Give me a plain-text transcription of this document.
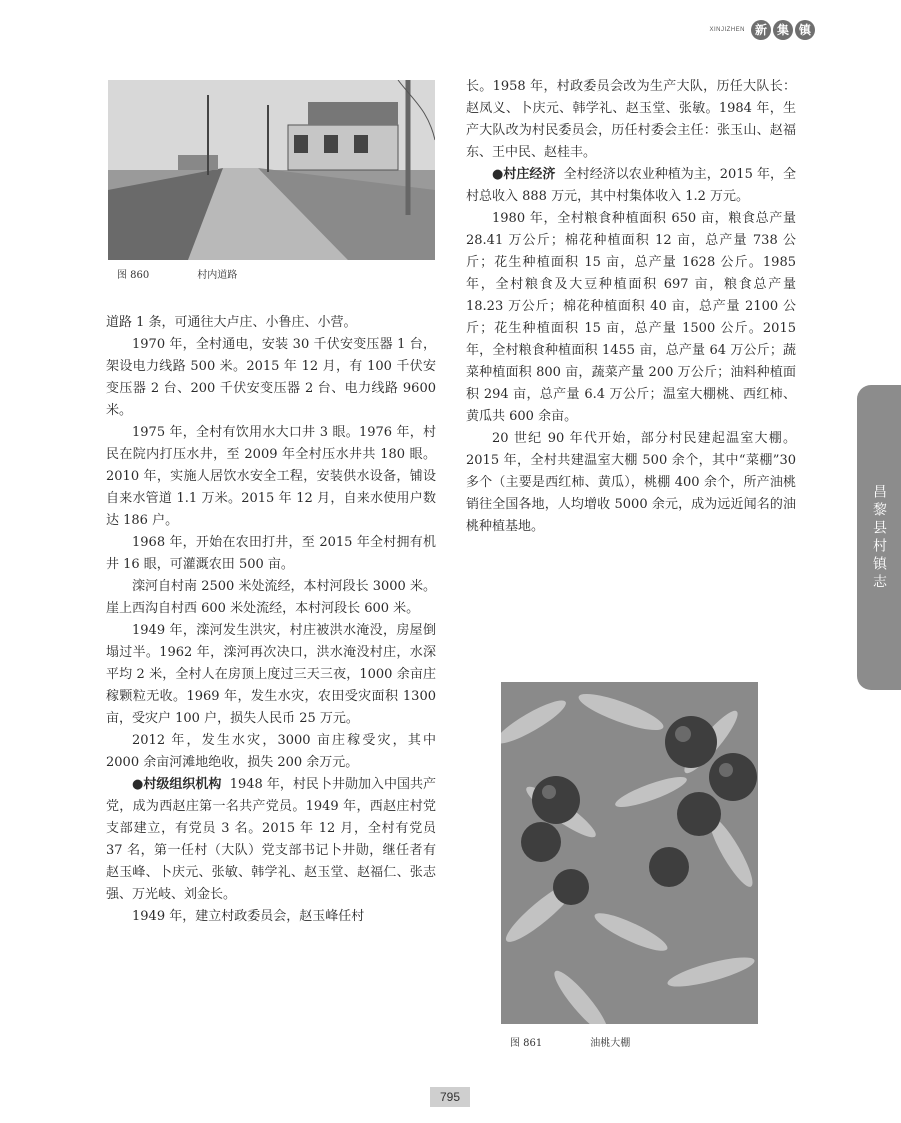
XINJIZHEN 新 集 镇
图 860	村内道路

道路 1 条，可通往大卢庄、小鲁庄、小营。

1970 年，全村通电，安装 30 千伏安变压器 1 台，架设电力线路 500 米。2015 年 12 月，有 100 千伏安变压器 2 台、200 千伏安变压器 2 台、电力线路 9600 米。

1975 年，全村有饮用水大口井 3 眼。1976 年，村民在院内打压水井，至 2009 年全村压水井共 180 眼。2010 年，实施人居饮水安全工程，安装供水设备，铺设自来水管道 1.1 万米。2015 年 12 月，自来水使用户数达 186 户。

1968 年，开始在农田打井，至 2015 年全村拥有机井 16 眼，可灌溉农田 500 亩。

滦河自村南 2500 米处流经，本村河段长 3000 米。崖上西沟自村西 600 米处流经，本村河段长 600 米。

1949 年，滦河发生洪灾，村庄被洪水淹没，房屋倒塌过半。1962 年，滦河再次决口，洪水淹没村庄，水深平均 2 米，全村人在房顶上度过三天三夜，1000 余亩庄稼颗粒无收。1969 年，发生水灾，农田受灾面积 1300 亩，受灾户 100 户，损失人民币 25 万元。

2012 年，发生水灾，3000 亩庄稼受灾，其中 2000 余亩河滩地绝收，损失 200 余万元。

●村级组织机构 1948 年，村民卜井勋加入中国共产党，成为西赵庄第一名共产党员。1949 年，西赵庄村党支部建立，有党员 3 名。2015 年 12 月，全村有党员 37 名，第一任村（大队）党支部书记卜井勋，继任者有赵玉峰、卜庆元、张敏、韩学礼、赵玉堂、赵福仁、张志强、万光岐、刘金长。

1949 年，建立村政委员会，赵玉峰任村

长。1958 年，村政委员会改为生产大队，历任大队长：赵凤义、卜庆元、韩学礼、赵玉堂、张敏。1984 年，生产大队改为村民委员会，历任村委会主任：张玉山、赵福东、王中民、赵桂丰。

●村庄经济 全村经济以农业种植为主，2015 年，全村总收入 888 万元，其中村集体收入 1.2 万元。

1980 年，全村粮食种植面积 650 亩，粮食总产量 28.41 万公斤；棉花种植面积 12 亩，总产量 738 公斤；花生种植面积 15 亩，总产量 1628 公斤。1985 年，全村粮食及大豆种植面积 697 亩，粮食总产量 18.23 万公斤；棉花种植面积 40 亩，总产量 2100 公斤；花生种植面积 15 亩，总产量 1500 公斤。2015 年，全村粮食种植面积 1455 亩，总产量 64 万公斤；蔬菜种植面积 800 亩，蔬菜产量 200 万公斤；油料种植面积 294 亩，总产量 6.4 万公斤；温室大棚桃、西红柿、黄瓜共 600 余亩。

20 世纪 90 年代开始，部分村民建起温室大棚。2015 年，全村共建温室大棚 500 余个，其中“菜棚”30 多个（主要是西红柿、黄瓜），桃棚 400 余个，所产油桃销往全国各地，人均增收 5000 余元，成为远近闻名的油桃种植基地。

图 861	油桃大棚
昌黎县村镇志
795
